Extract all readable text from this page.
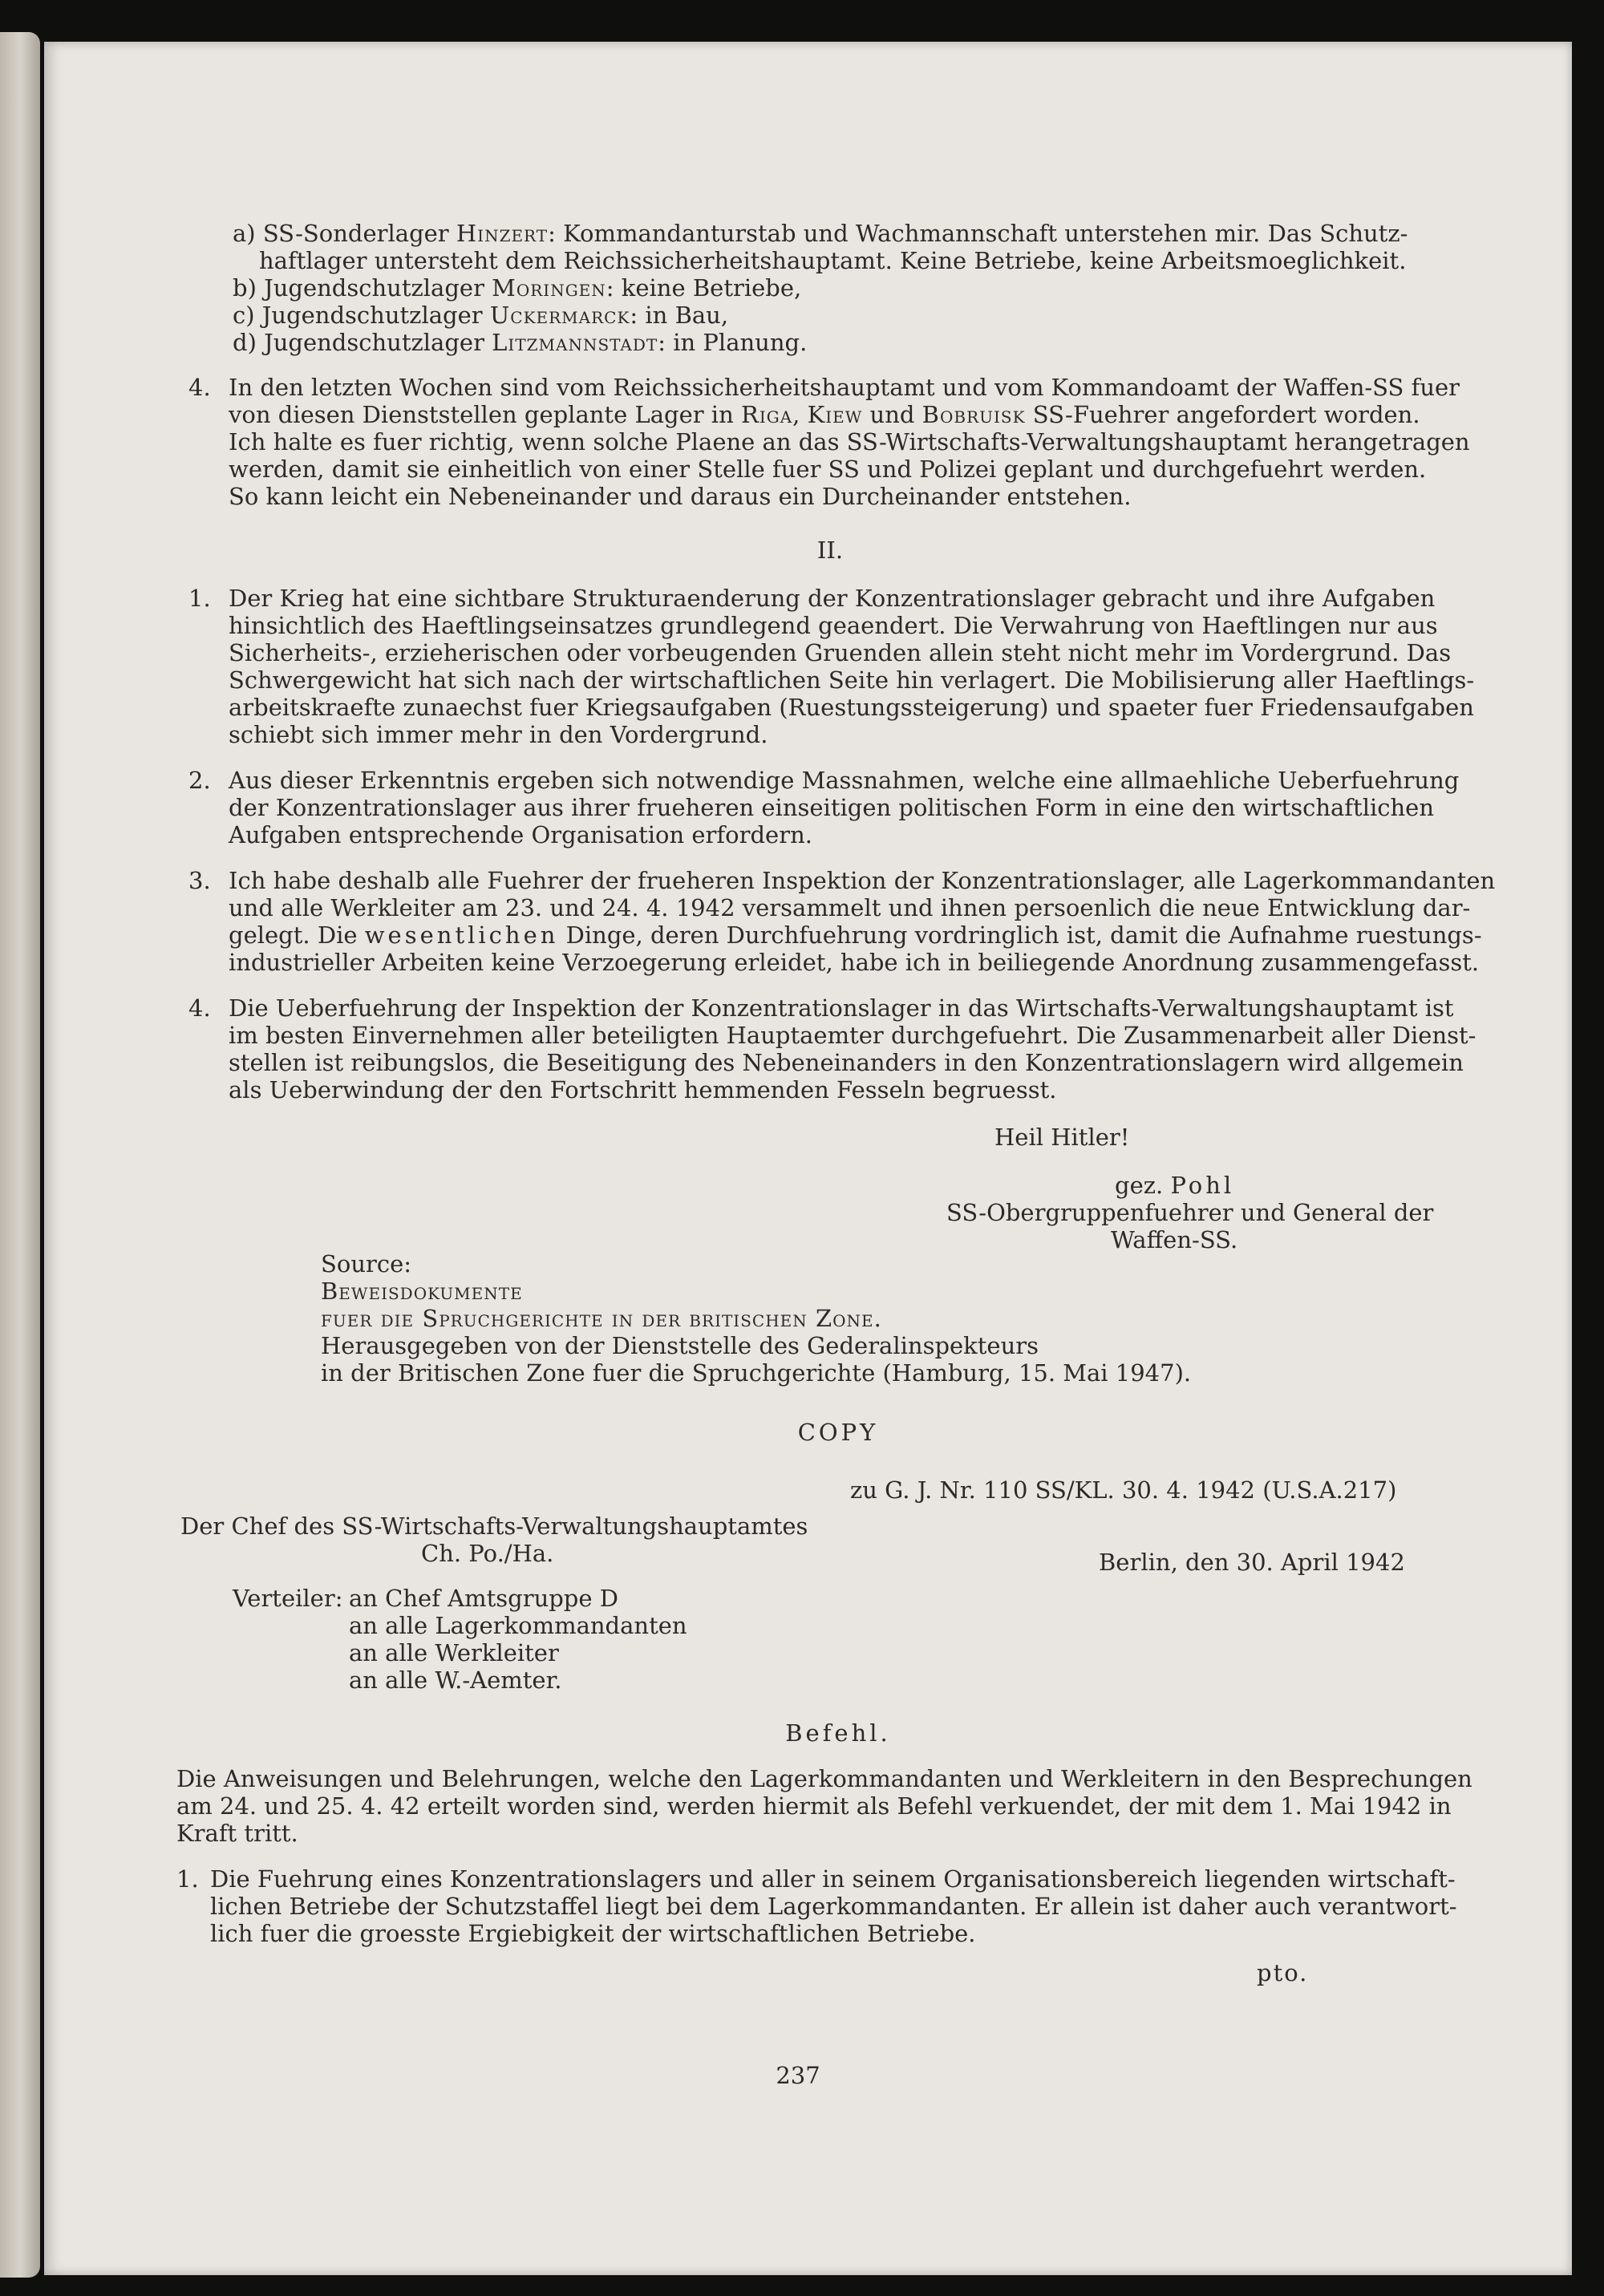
a) SS-Sonderlager Hinzert: Kommandanturstab und Wachmannschaft unterstehen mir. Das Schutz-

haftlager untersteht dem Reichssicherheitshauptamt. Keine Betriebe, keine Arbeitsmoeglichkeit.

b) Jugendschutzlager Moringen: keine Betriebe,

c) Jugendschutzlager Uckermarck: in Bau,

d) Jugendschutzlager Litzmannstadt: in Planung.

4. In den letzten Wochen sind vom Reichssicherheitshauptamt und vom Kommandoamt der Waffen-SS fuer

von diesen Dienststellen geplante Lager in Riga, Kiew und Bobruisk SS-Fuehrer angefordert worden.

Ich halte es fuer richtig, wenn solche Plaene an das SS-Wirtschafts-Verwaltungshauptamt herangetragen

werden, damit sie einheitlich von einer Stelle fuer SS und Polizei geplant und durchgefuehrt werden.

So kann leicht ein Nebeneinander und daraus ein Durcheinander entstehen.

II.

1. Der Krieg hat eine sichtbare Strukturaenderung der Konzentrationslager gebracht und ihre Aufgaben

hinsichtlich des Haeftlingseinsatzes grundlegend geaendert. Die Verwahrung von Haeftlingen nur aus

Sicherheits-, erzieherischen oder vorbeugenden Gruenden allein steht nicht mehr im Vordergrund. Das

Schwergewicht hat sich nach der wirtschaftlichen Seite hin verlagert. Die Mobilisierung aller Haeftlings-

arbeitskraefte zunaechst fuer Kriegsaufgaben (Ruestungssteigerung) und spaeter fuer Friedensaufgaben

schiebt sich immer mehr in den Vordergrund.

2. Aus dieser Erkenntnis ergeben sich notwendige Massnahmen, welche eine allmaehliche Ueberfuehrung

der Konzentrationslager aus ihrer frueheren einseitigen politischen Form in eine den wirtschaftlichen

Aufgaben entsprechende Organisation erfordern.

3. Ich habe deshalb alle Fuehrer der frueheren Inspektion der Konzentrationslager, alle Lagerkommandanten

und alle Werkleiter am 23. und 24. 4. 1942 versammelt und ihnen persoenlich die neue Entwicklung dar-

gelegt. Die wesentlichen Dinge, deren Durchfuehrung vordringlich ist, damit die Aufnahme ruestungs-

industrieller Arbeiten keine Verzoegerung erleidet, habe ich in beiliegende Anordnung zusammengefasst.

4. Die Ueberfuehrung der Inspektion der Konzentrationslager in das Wirtschafts-Verwaltungshauptamt ist

im besten Einvernehmen aller beteiligten Hauptaemter durchgefuehrt. Die Zusammenarbeit aller Dienst-

stellen ist reibungslos, die Beseitigung des Nebeneinanders in den Konzentrationslagern wird allgemein

als Ueberwindung der den Fortschritt hemmenden Fesseln begruesst.

Heil Hitler!

gez. Pohl

SS-Obergruppenfuehrer und General der

Waffen-SS.

Source:

Beweisdokumente

fuer die Spruchgerichte in der britischen Zone.

Herausgegeben von der Dienststelle des Gederalinspekteurs

in der Britischen Zone fuer die Spruchgerichte (Hamburg, 15. Mai 1947).

COPY

zu G. J. Nr. 110 SS/KL. 30. 4. 1942 (U.S.A.217)

Der Chef des SS-Wirtschafts-Verwaltungshauptamtes

Ch. Po./Ha.	Berlin, den 30. April 1942

Verteiler: an Chef Amtsgruppe D

an alle Lagerkommandanten

an alle Werkleiter

an alle W.-Aemter.

Befehl.

Die Anweisungen und Belehrungen, welche den Lagerkommandanten und Werkleitern in den Besprechungen

am 24. und 25. 4. 42 erteilt worden sind, werden hiermit als Befehl verkuendet, der mit dem 1. Mai 1942 in

Kraft tritt.

1. Die Fuehrung eines Konzentrationslagers und aller in seinem Organisationsbereich liegenden wirtschaft-

lichen Betriebe der Schutzstaffel liegt bei dem Lagerkommandanten. Er allein ist daher auch verantwort-

lich fuer die groesste Ergiebigkeit der wirtschaftlichen Betriebe.

pto.

237
